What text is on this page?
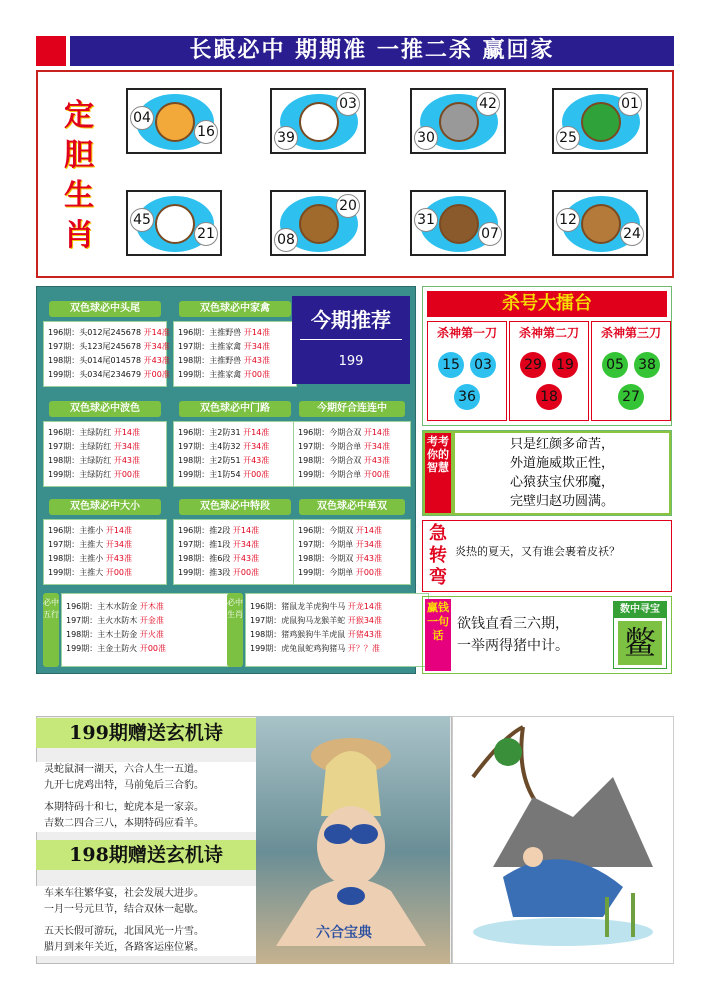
长跟必中 期期准 一推二杀 赢回家
定胆生肖
04
16
03
39
42
30
01
25
45
21
20
08
31
07
12
24
双色球必中头尾
196期：头012尾245678 开14准
197期：头123尾245678 开34准
198期：头014尾014578 开43准
199期：头034尾234679 开00准
双色球必中家禽
196期：主推野兽 开14准
197期：主推家禽 开34准
198期：主推野兽 开43准
199期：主推家禽 开00准
双色球必中波色
196期：主绿防红 开14准
197期：主绿防红 开34准
198期：主绿防红 开43准
199期：主绿防红 开00准
双色球必中门路
196期：主2防31 开14准
197期：主4防32 开34准
198期：主2防51 开43准
199期：主1防54 开00准
今期好合连连中
196期：今期合双 开14准
197期：今期合单 开34准
198期：今期合双 开43准
199期：今期合单 开00准
双色球必中大小
196期：主推小 开14准
197期：主推大 开34准
198期：主推小 开43准
199期：主推大 开00准
双色球必中特段
196期：推2段 开14准
197期：推1段 开34准
198期：推6段 开43准
199期：推3段 开00准
双色球必中单双
196期：今期双 开14准
197期：今期单 开34准
198期：今期双 开43准
199期：今期单 开00准
必中五行
196期：主木水防金 开木准
197期：主火水防木 开金准
198期：主木土防金 开火准
199期：主金土防火 开00准
必中生肖
196期：猪鼠龙羊虎狗牛马 开龙14准
197期：虎鼠狗马龙猴羊蛇 开猴34准
198期：猪鸡猴狗牛羊虎鼠 开猪43准
199期：虎兔鼠蛇鸡狗猪马 开？？准
今期推荐
199
杀号大擂台
杀神第一刀
15 03
36
杀神第二刀
29 19
18
杀神第三刀
05 38
27
考考你的智慧
只是红颜多命苦，
外道施威欺正性，
心猿获宝伏邪魔，
完壁归赵功圆满。
急转弯
炎热的夏天，又有谁会裹着皮袄？
赢钱一句话
欲钱直看三六期，
一举两得猪中计。
数中寻宝
鳖
199期赠送玄机诗
灵蛇鼠洞一湖天，六合人生一五道。
九开七虎鸡出特，马前兔后三合豹。

本期特码十和七，蛇虎本是一家亲。
吉数二四合三八，本期特码应看羊。
198期赠送玄机诗
车来车往繁华宴，社会发展大进步。
一月一号元旦节，结合双休一起歇。

五天长假可游玩，北国风光一片雪。
腊月到来年关近，各路客运座位紧。
六合宝典
